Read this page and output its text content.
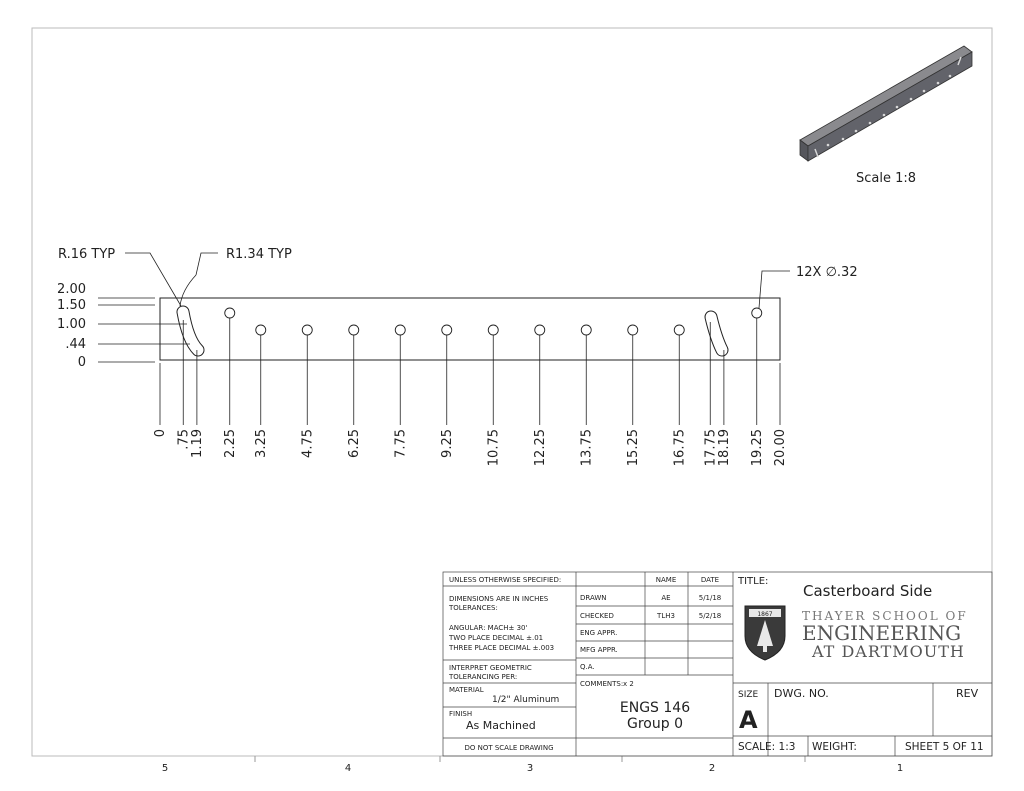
5	4	3	2	1
Scale 1:8
2.00
1.50
1.00
.44
0
R.16 TYP	R1.34 TYP
12X ∅.32
0 .75
1.19 2.25 3.25 4.75 6.25 7.75 9.25 10.75 12.25 13.75 15.25 16.75 17.75
18.19 19.25 20.00
UNLESS OTHERWISE SPECIFIED:
DIMENSIONS ARE IN INCHES
TOLERANCES:
ANGULAR: MACH± 30'
TWO PLACE DECIMAL ±.01
THREE PLACE DECIMAL ±.003
INTERPRET GEOMETRIC
TOLERANCING PER:
MATERIAL
1/2" Aluminum
FINISH
As Machined
DO NOT SCALE DRAWING
NAME	DATE
DRAWN	AE	5/1/18
CHECKED	TLH3	5/2/18
ENG APPR.
MFG APPR.
Q.A.
COMMENTS: x 2
ENGS 146
Group 0
TITLE:
Casterboard Side
1867 THAYER SCHOOL OF
ENGINEERING
AT DARTMOUTH
SIZE
A
DWG. NO.	REV
SCALE: 1:3 WEIGHT:	SHEET 5 OF 11
